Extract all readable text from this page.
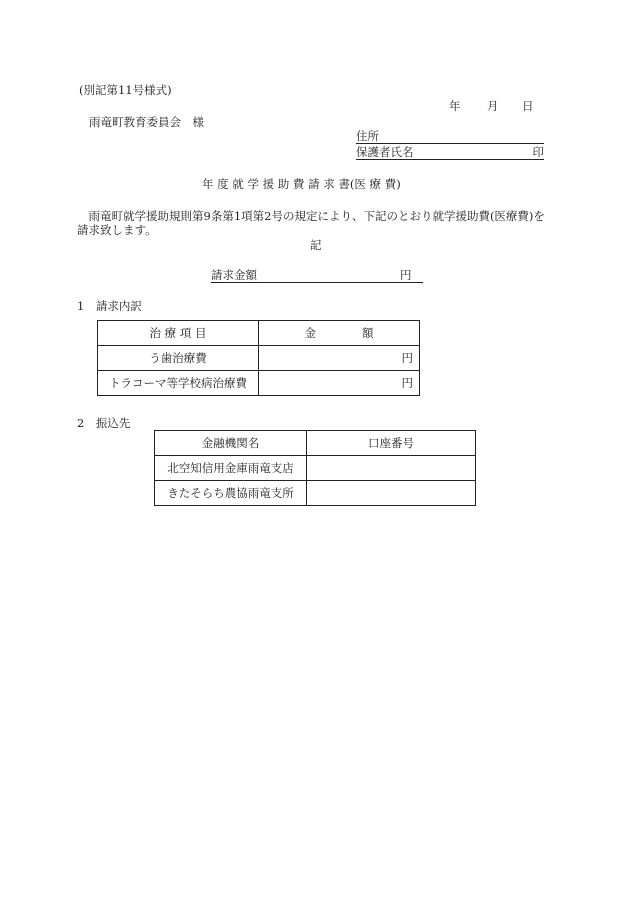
(別記第11号様式)
年 月 日
雨竜町教育委員会　様
住所
保護者氏名	印
年 度 就 学 援 助 費 請 求 書(医 療 費)
　雨竜町就学援助規則第9条第1項第2号の規定により、下記のとおり就学援助費(医療費)を
請求致します。
記
請求金額	円
1　請求内訳
治 療 項 目	金　　　　額
う歯治療費	円
トラコーマ等学校病治療費	円
2　振込先
金融機関名	口座番号
北空知信用金庫雨竜支店	
きたそらち農協雨竜支所	
